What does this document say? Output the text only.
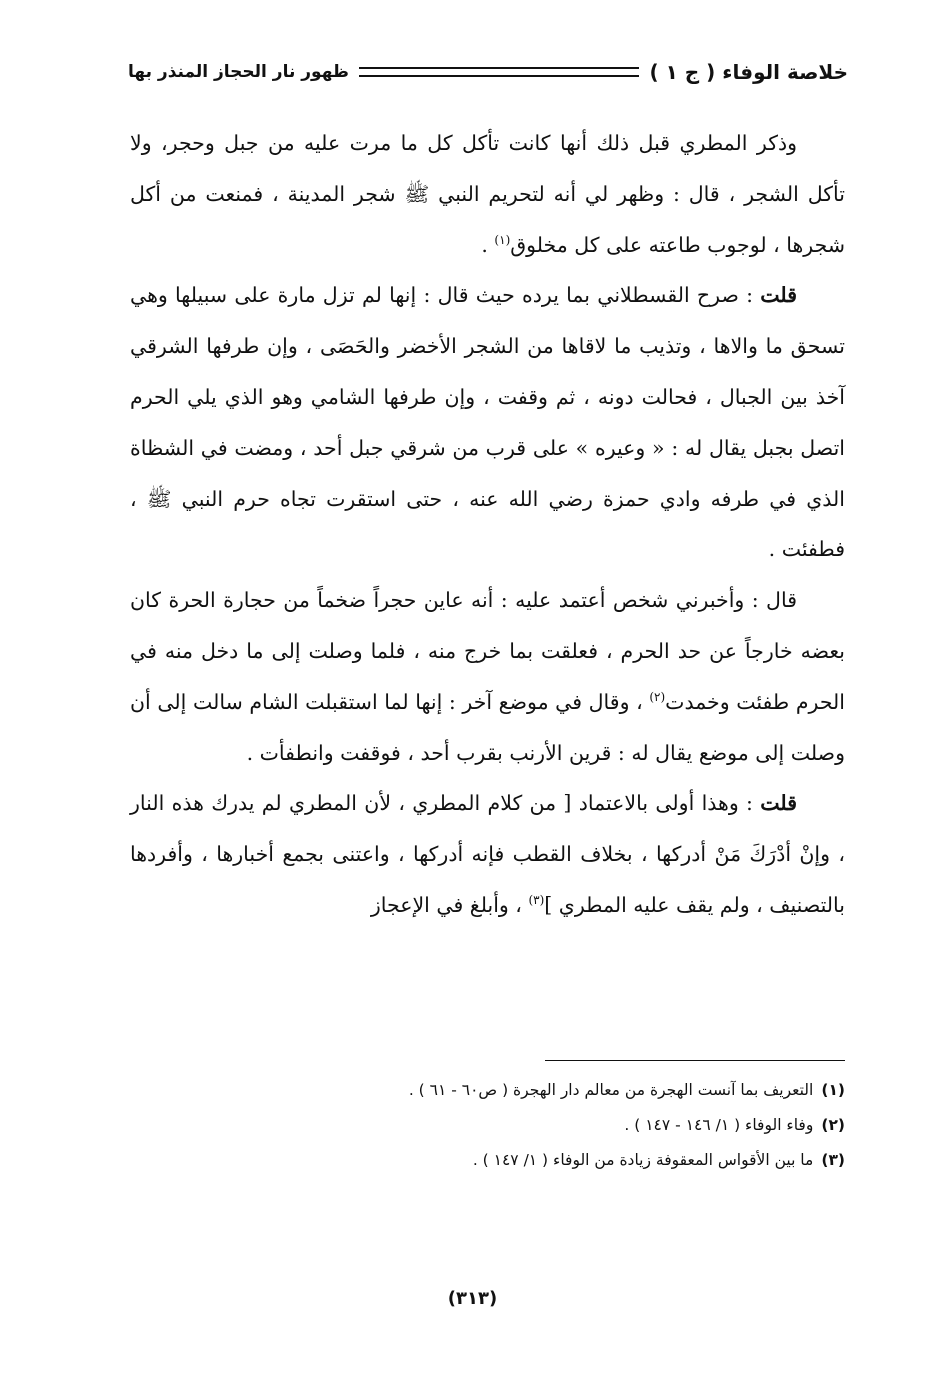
خلاصة الوفاء ( ج ١ )
ظهور نار الحجاز المنذر بها

وذكر المطري قبل ذلك أنها كانت تأكل كل ما مرت عليه من جبل وحجر، ولا تأكل الشجر ، قال : وظهر لي أنه لتحريم النبي ﷺ شجر المدينة ، فمنعت من أكل شجرها ، لوجوب طاعته على كل مخلوق$^{(١)}$ .

قلت : صرح القسطلاني بما يرده حيث قال : إنها لم تزل مارة على سبيلها وهي تسحق ما والاها ، وتذيب ما لاقاها من الشجر الأخضر والحَصَى ، وإن طرفها الشرقي آخذ بين الجبال ، فحالت دونه ، ثم وقفت ، وإن طرفها الشامي وهو الذي يلي الحرم اتصل بجبل يقال له : « وعيره » على قرب من شرقي جبل أحد ، ومضت في الشظاة الذي في طرفه وادي حمزة رضي الله عنه ، حتى استقرت تجاه حرم النبي ﷺ ، فطفئت .

قال : وأخبرني شخص أعتمد عليه : أنه عاين حجراً ضخماً من حجارة الحرة كان بعضه خارجاً عن حد الحرم ، فعلقت بما خرج منه ، فلما وصلت إلى ما دخل منه في الحرم طفئت وخمدت$^{(٢)}$ ، وقال في موضع آخر : إنها لما استقبلت الشام سالت إلى أن وصلت إلى موضع يقال له : قرين الأرنب بقرب أحد ، فوقفت وانطفأت .

قلت : وهذا أولى بالاعتماد [ من كلام المطري ، لأن المطري لم يدرك هذه النار ، وإنْ أدْرَكَ مَنْ أدركها ، بخلاف القطب فإنه أدركها ، واعتنى بجمع أخبارها ، وأفردها بالتصنيف ، ولم يقف عليه المطري ]$^{(٣)}$ ، وأبلغ في الإعجاز

(١)التعريف بما آنست الهجرة من معالم دار الهجرة ( ص٦٠ - ٦١ ) .

(٢)وفاء الوفاء ( ١/ ١٤٦ - ١٤٧ ) .

(٣)ما بين الأقواس المعقوفة زيادة من الوفاء ( ١/ ١٤٧ ) .

(٣١٣)
